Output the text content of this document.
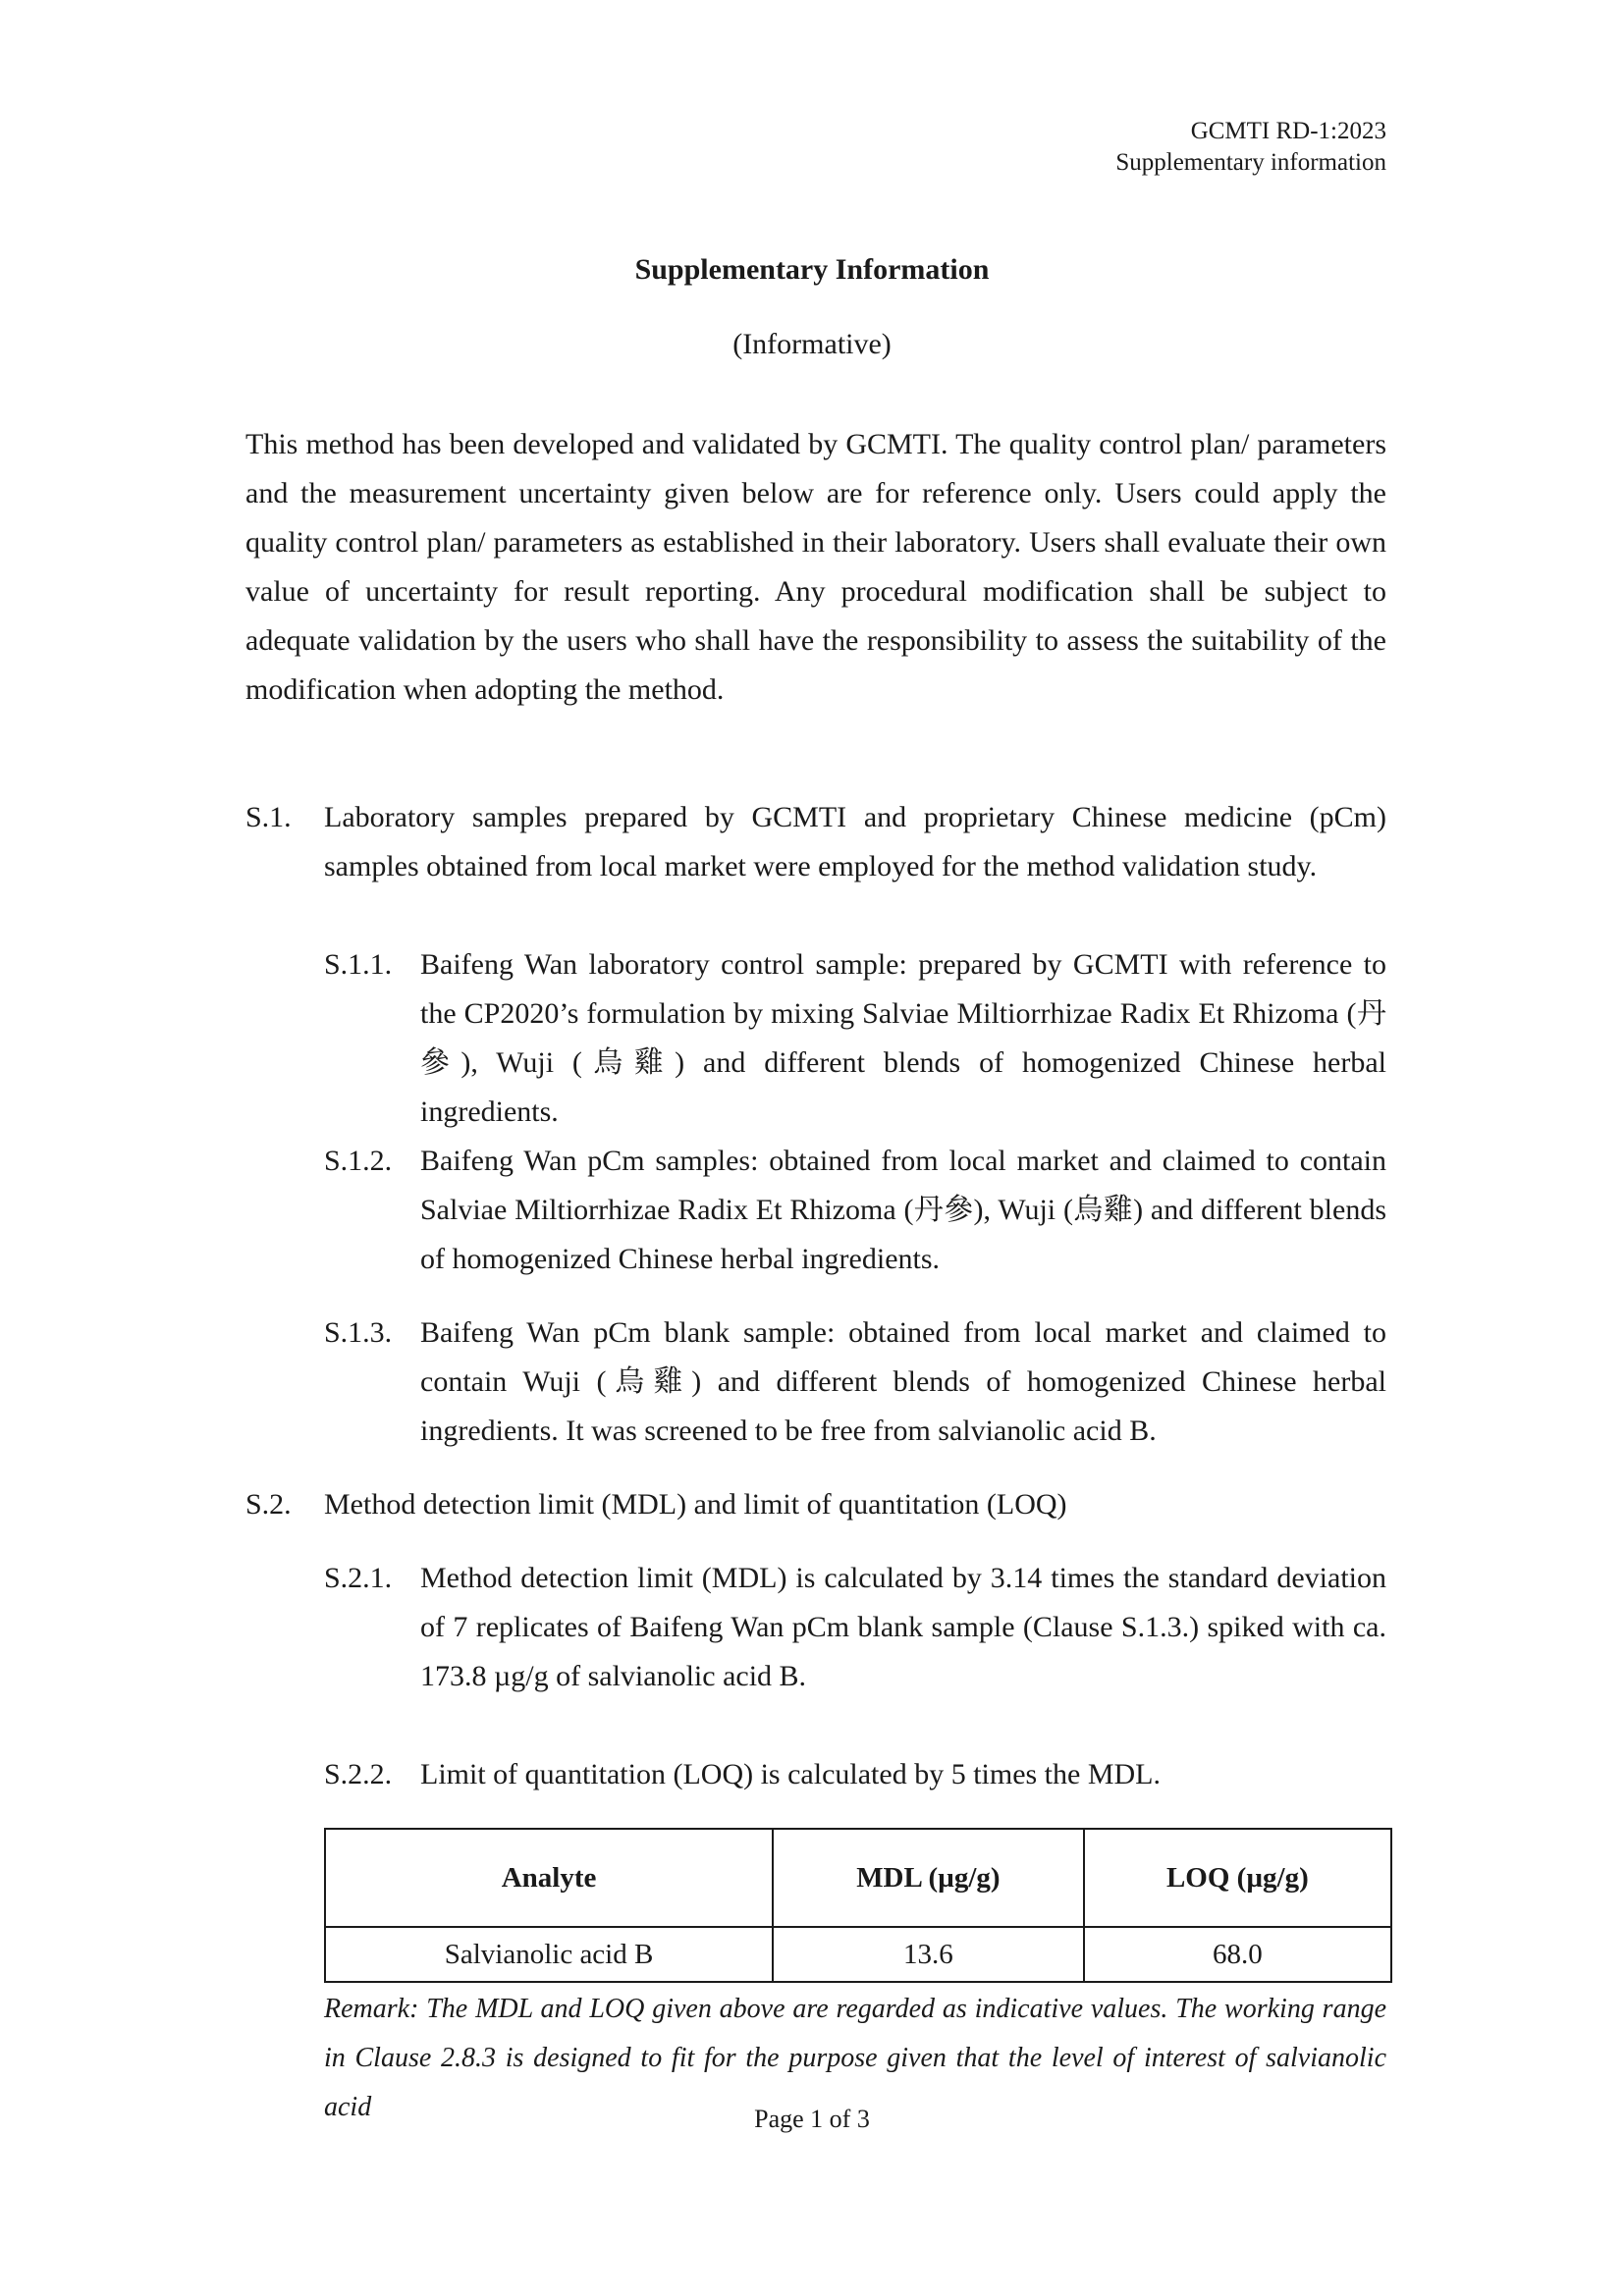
GCMTI RD-1:2023
Supplementary information
Supplementary Information
(Informative)

This method has been developed and validated by GCMTI. The quality control plan/ parameters and the measurement uncertainty given below are for reference only. Users could apply the quality control plan/ parameters as established in their laboratory. Users shall evaluate their own value of uncertainty for result reporting. Any procedural modification shall be subject to adequate validation by the users who shall have the responsibility to assess the suitability of the modification when adopting the method.

S.1. Laboratory samples prepared by GCMTI and proprietary Chinese medicine (pCm) samples obtained from local market were employed for the method validation study.
S.1.1. Baifeng Wan laboratory control sample: prepared by GCMTI with reference to the CP2020’s formulation by mixing Salviae Miltiorrhizae Radix Et Rhizoma (丹參), Wuji (烏雞) and different blends of homogenized Chinese herbal ingredients.
S.1.2. Baifeng Wan pCm samples: obtained from local market and claimed to contain Salviae Miltiorrhizae Radix Et Rhizoma (丹參), Wuji (烏雞) and different blends of homogenized Chinese herbal ingredients.
S.1.3. Baifeng Wan pCm blank sample: obtained from local market and claimed to contain Wuji (烏雞) and different blends of homogenized Chinese herbal ingredients. It was screened to be free from salvianolic acid B.
S.2. Method detection limit (MDL) and limit of quantitation (LOQ)
S.2.1. Method detection limit (MDL) is calculated by 3.14 times the standard deviation of 7 replicates of Baifeng Wan pCm blank sample (Clause S.1.3.) spiked with ca. 173.8 µg/g of salvianolic acid B.
S.2.2. Limit of quantitation (LOQ) is calculated by 5 times the MDL.
Analyte	MDL (µg/g)	LOQ (µg/g)
Salvianolic acid B	13.6	68.0
Remark: The MDL and LOQ given above are regarded as indicative values. The working range in Clause 2.8.3 is designed to fit for the purpose given that the level of interest of salvianolic acid	Page 1 of 3
